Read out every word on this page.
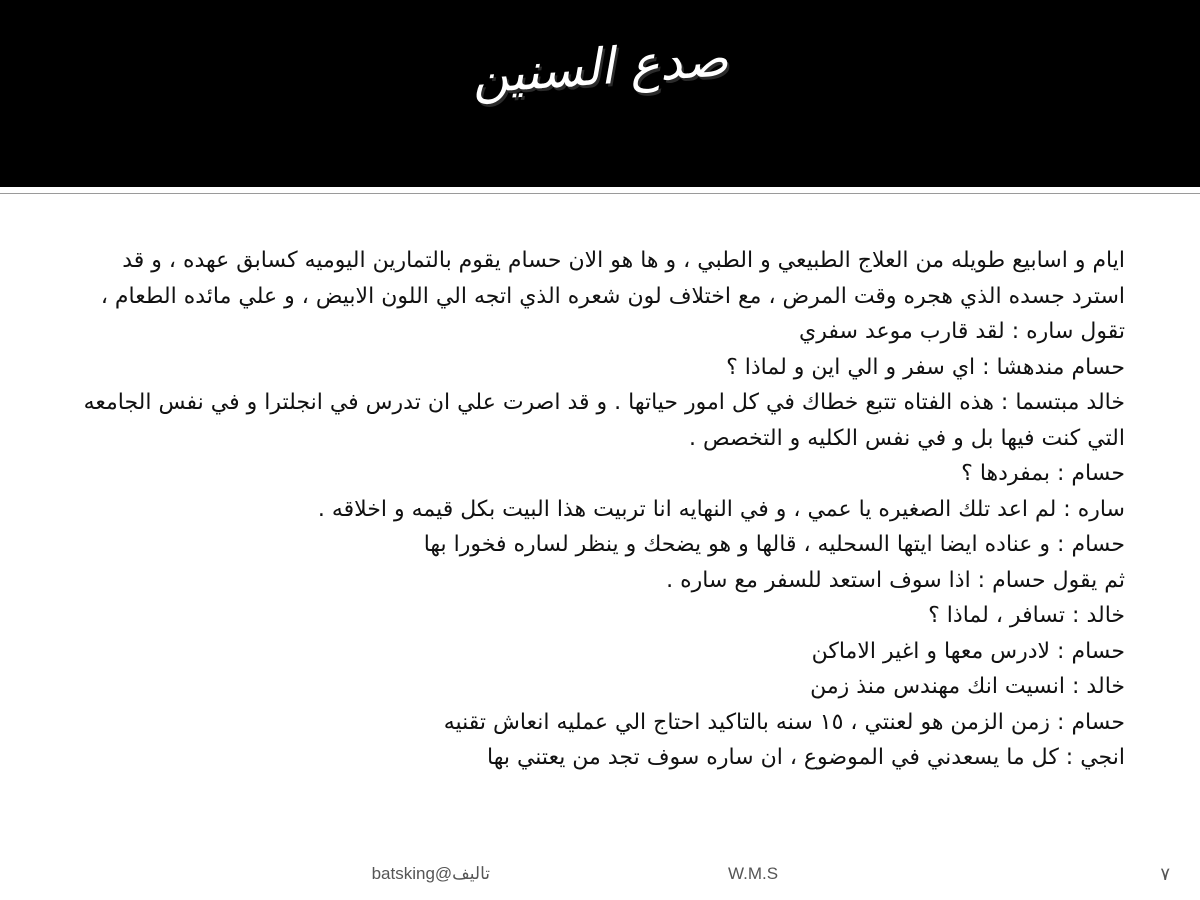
صدع السنين
ايام و اسابيع طويله من العلاج الطبيعي و الطبي ، و ها هو الان حسام يقوم بالتمارين اليوميه كسابق عهده ، و قد استرد جسده الذي هجره وقت المرض ، مع اختلاف لون شعره الذي اتجه الي اللون الابيض ، و علي مائده الطعام ،
تقول ساره : لقد قارب موعد سفري
حسام مندهشا : اي سفر و الي اين و لماذا ؟
خالد مبتسما : هذه الفتاه تتبع خطاك في كل امور حياتها . و قد اصرت علي ان تدرس في انجلترا و في نفس الجامعه التي كنت فيها بل و في نفس الكليه و التخصص .
حسام : بمفردها ؟
ساره : لم اعد تلك الصغيره يا عمي ، و في النهايه انا تربيت هذا البيت بكل قيمه و اخلاقه .
حسام : و عناده ايضا ايتها السحليه ، قالها و هو يضحك و ينظر لساره فخورا بها
ثم يقول حسام : اذا سوف استعد للسفر مع ساره .
خالد : تسافر ، لماذا ؟
حسام : لادرس معها و اغير الاماكن
خالد : انسيت انك مهندس منذ زمن
حسام : زمن الزمن هو لعنتي ، ١٥ سنه بالتاكيد احتاج الي عمليه انعاش تقنيه
انجي : كل ما يسعدني في الموضوع ، ان ساره سوف تجد من يعتني بها
batsking@تاليف	W.M.S	٧
